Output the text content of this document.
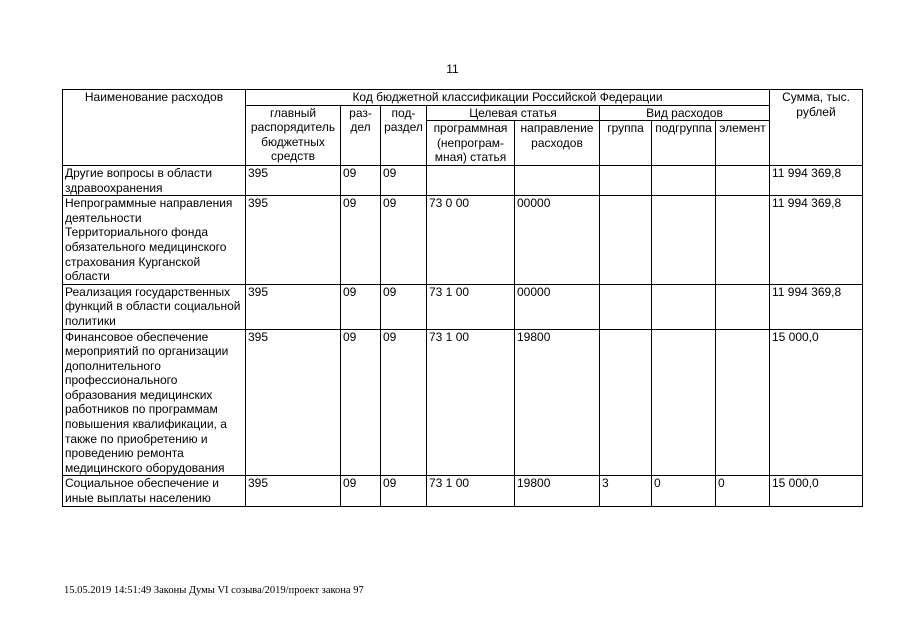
11
Наименование расходов	Код бюджетной классификации Российской Федерации								Сумма, тыс. рублей
	главный распорядитель бюджетных средств	раз-дел	под-раздел	Целевая статья		Вид расходов			
				программная (непрограм-мная) статья	направление расходов	группа	подгруппа	элемент	
Другие вопросы в области здравоохранения	395	09	09						11 994 369,8
Непрограммные направления деятельности Территориального фонда обязательного медицинского страхования Курганской области	395	09	09	73 0 00	00000				11 994 369,8
Реализация государственных функций в области социальной политики	395	09	09	73 1 00	00000				11 994 369,8
Финансовое обеспечение мероприятий по организации дополнительного профессионального образования медицинских работников по программам повышения квалификации, а также по приобретению и проведению ремонта медицинского оборудования	395	09	09	73 1 00	19800				15 000,0
Социальное обеспечение и иные выплаты населению	395	09	09	73 1 00	19800	3	0	0	15 000,0
15.05.2019 14:51:49 Законы Думы VI созыва/2019/проект закона 97
